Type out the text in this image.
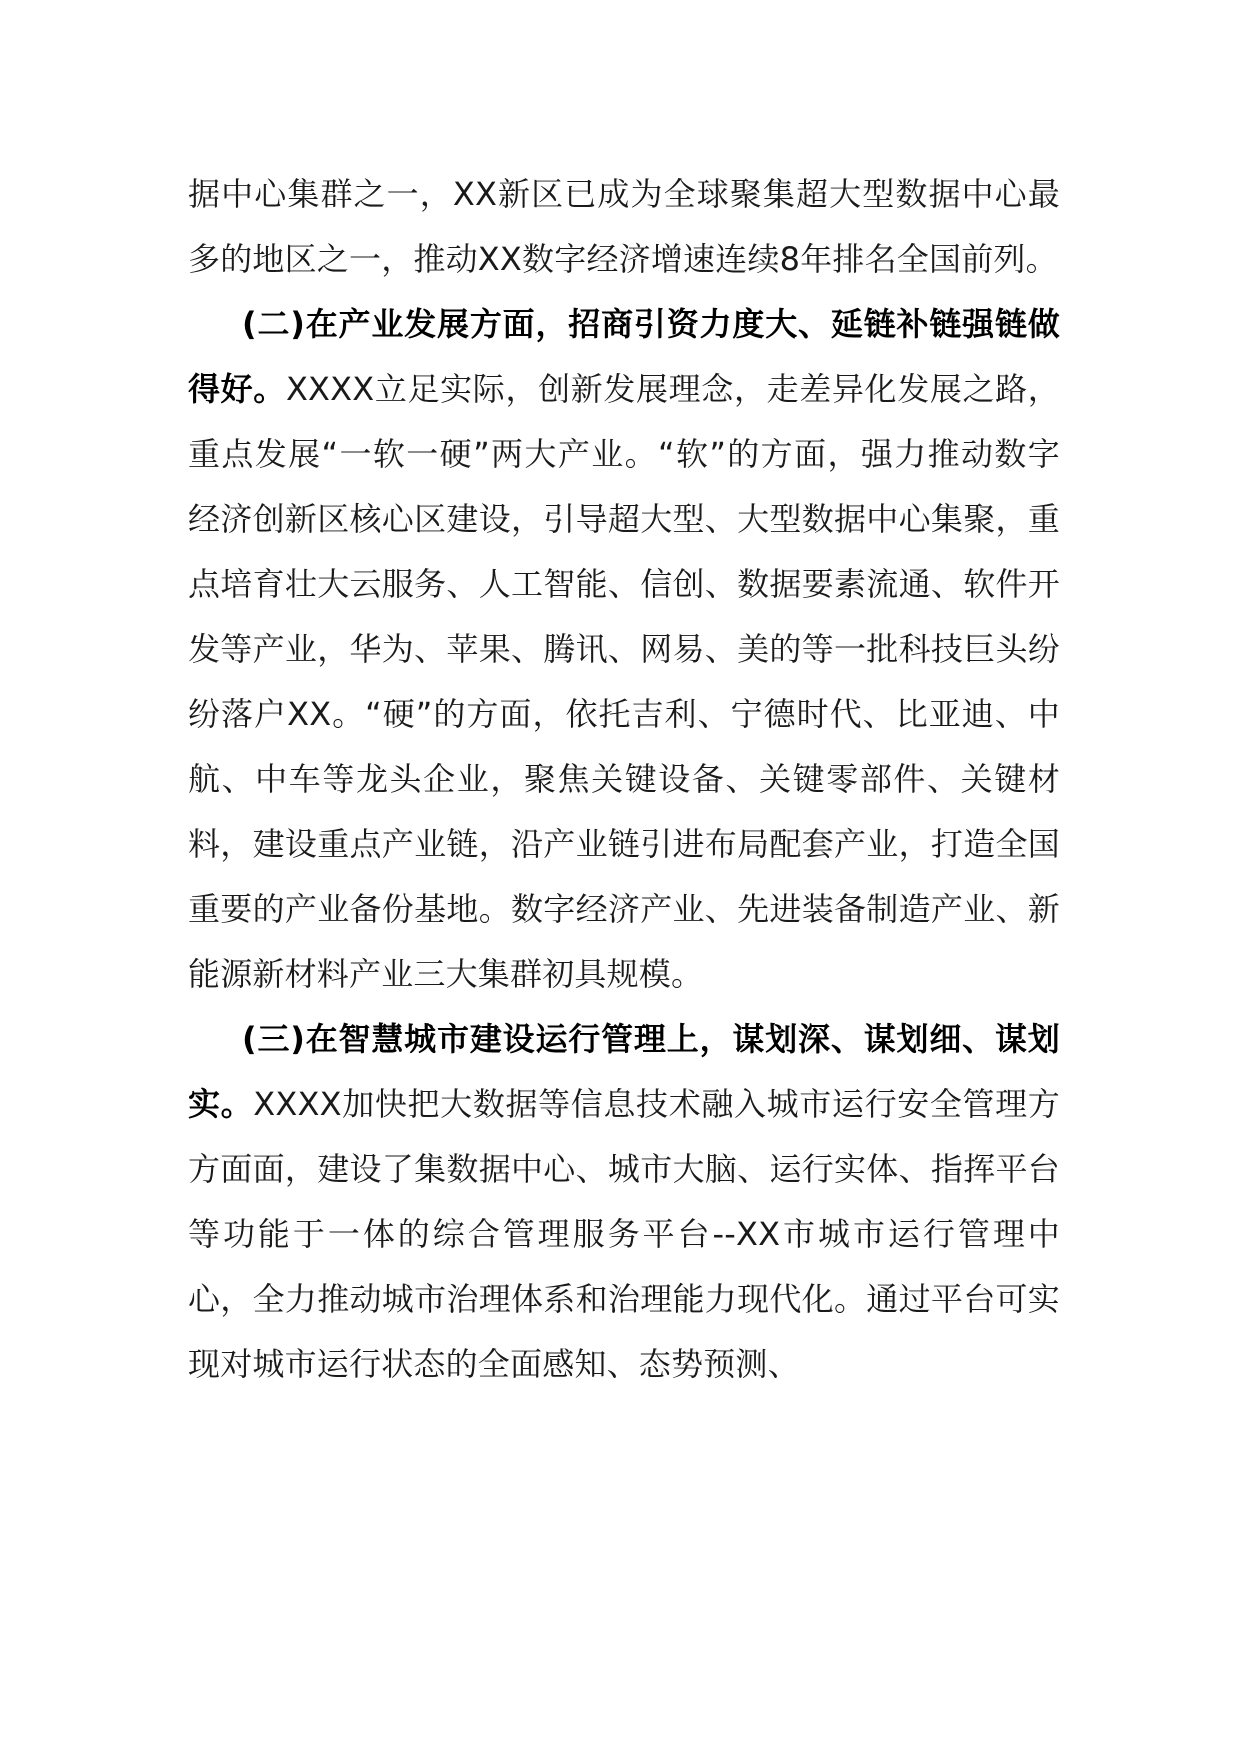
据中心集群之一，XX新区已成为全球聚集超大型数据中心最多的地区之一，推动XX数字经济增速连续8年排名全国前列。

(二)在产业发展方面，招商引资力度大、延链补链强链做得好。XXXX立足实际，创新发展理念，走差异化发展之路，重点发展“一软一硬”两大产业。“软”的方面，强力推动数字经济创新区核心区建设，引导超大型、大型数据中心集聚，重点培育壮大云服务、人工智能、信创、数据要素流通、软件开发等产业，华为、苹果、腾讯、网易、美的等一批科技巨头纷纷落户XX。“硬”的方面，依托吉利、宁德时代、比亚迪、中航、中车等龙头企业，聚焦关键设备、关键零部件、关键材料，建设重点产业链，沿产业链引进布局配套产业，打造全国重要的产业备份基地。数字经济产业、先进装备制造产业、新能源新材料产业三大集群初具规模。

(三)在智慧城市建设运行管理上，谋划深、谋划细、谋划实。XXXX加快把大数据等信息技术融入城市运行安全管理方方面面，建设了集数据中心、城市大脑、运行实体、指挥平台等功能于一体的综合管理服务平台--XX市城市运行管理中心，全力推动城市治理体系和治理能力现代化。通过平台可实现对城市运行状态的全面感知、态势预测、
